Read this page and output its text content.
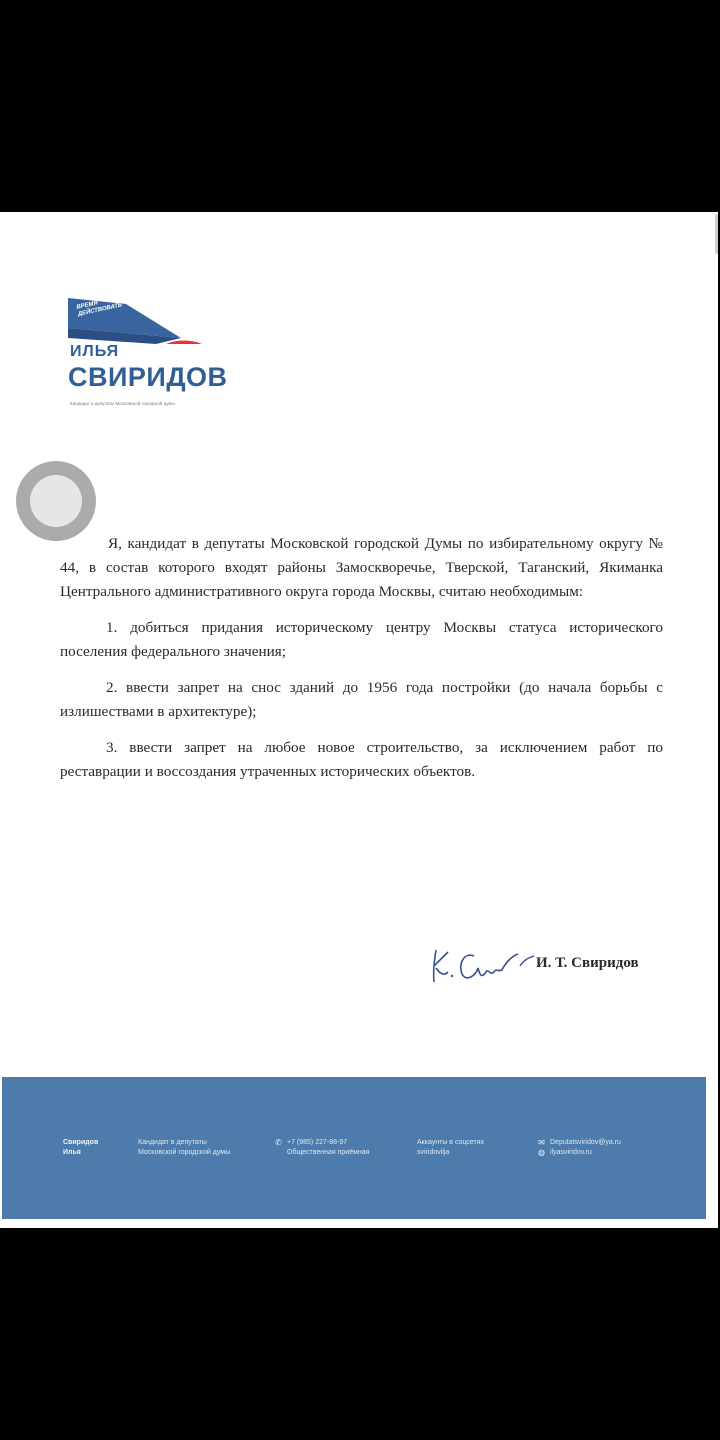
ВРЕМЯ ДЕЙСТВОВАТЬ
ИЛЬЯ
СВИРИДОВ
Кандидат в депутаты Московской городской думы

Я, кандидат в депутаты Московской городской Думы по избирательному округу № 44, в состав которого входят районы Замоскворечье, Тверской, Таганский, Якиманка Центрального административного округа города Москвы, считаю необходимым:

1. добиться придания историческому центру Москвы статуса исторического поселения федерального значения;

2. ввести запрет на снос зданий до 1956 года постройки (до начала борьбы с излишествами в архитектуре);

3. ввести запрет на любое новое строительство, за исключением работ по реставрации и воссоздания утраченных исторических объектов.

И. Т. Свиридов
Свиридов
Илья
Кандидат в депутаты
Московской городской думы
✆ +7 (985) 227-88-97
Общественная приёмная
Аккаунты в соцсетях
sviridovilja
✉ Deputatsviridov@ya.ru
◍ ilyasviridov.ru
